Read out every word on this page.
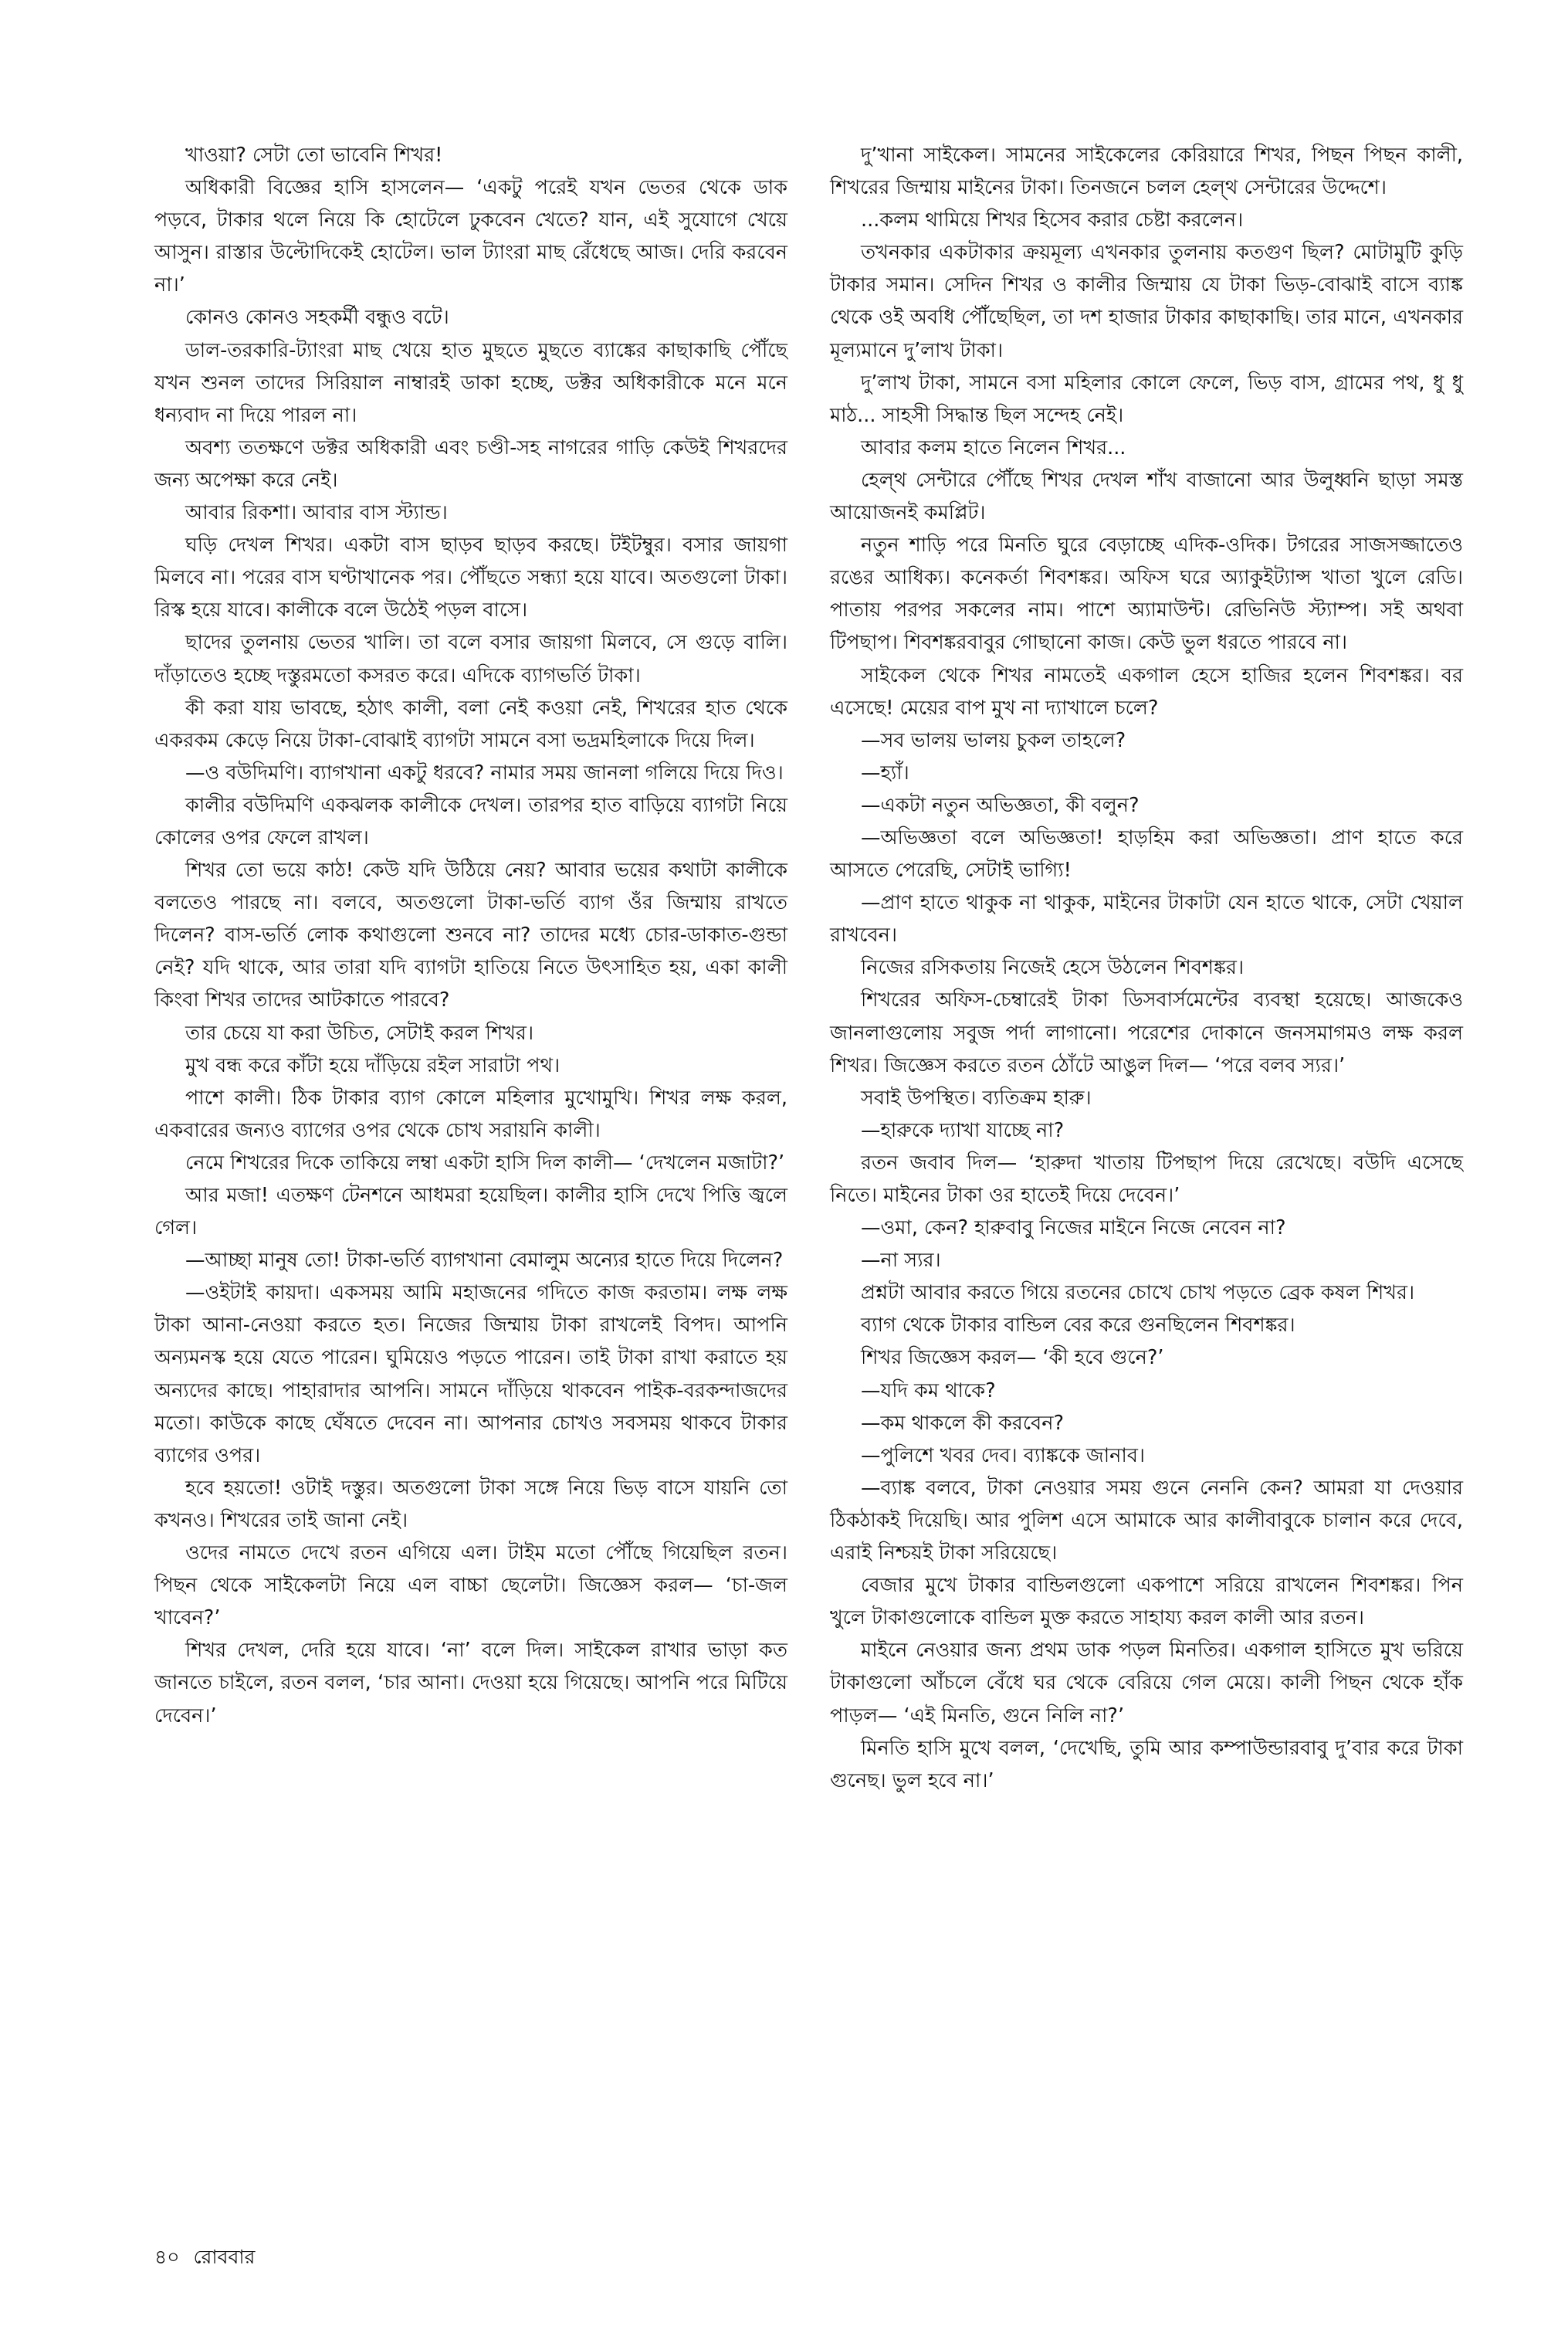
খাওয়া? সেটা তো ভাবেনি শিখর!

অধিকারী বিজ্ঞের হাসি হাসলেন— ‘একটু পরেই যখন ভেতর থেকে ডাক পড়বে, টাকার থলে নিয়ে কি হোটেলে ঢুকবেন খেতে? যান, এই সুযোগে খেয়ে আসুন। রাস্তার উল্টোদিকেই হোটেল। ভাল ট্যাংরা মাছ রেঁধেছে আজ। দেরি করবেন না।’

কোনও কোনও সহকর্মী বন্ধুও বটে।

ডাল-তরকারি-ট্যাংরা মাছ খেয়ে হাত মুছতে মুছতে ব্যাঙ্কের কাছাকাছি পৌঁছে যখন শুনল তাদের সিরিয়াল নাম্বারই ডাকা হচ্ছে, ডক্টর অধিকারীকে মনে মনে ধন্যবাদ না দিয়ে পারল না।

অবশ্য ততক্ষণে ডক্টর অধিকারী এবং চণ্ডী-সহ নাগরের গাড়ি কেউই শিখরদের জন্য অপেক্ষা করে নেই।

আবার রিকশা। আবার বাস স্ট্যান্ড।

ঘড়ি দেখল শিখর। একটা বাস ছাড়ব ছাড়ব করছে। টইটম্বুর। বসার জায়গা মিলবে না। পরের বাস ঘণ্টাখানেক পর। পৌঁছতে সন্ধ্যা হয়ে যাবে। অতগুলো টাকা। রিস্ক হয়ে যাবে। কালীকে বলে উঠেই পড়ল বাসে।

ছাদের তুলনায় ভেতর খালি। তা বলে বসার জায়গা মিলবে, সে গুড়ে বালি। দাঁড়াতেও হচ্ছে দস্তুরমতো কসরত করে। এদিকে ব্যাগভর্তি টাকা।

কী করা যায় ভাবছে, হঠাৎ কালী, বলা নেই কওয়া নেই, শিখরের হাত থেকে একরকম কেড়ে নিয়ে টাকা-বোঝাই ব্যাগটা সামনে বসা ভদ্রমহিলাকে দিয়ে দিল।

—ও বউদিমণি। ব্যাগখানা একটু ধরবে? নামার সময় জানলা গলিয়ে দিয়ে দিও।

কালীর বউদিমণি একঝলক কালীকে দেখল। তারপর হাত বাড়িয়ে ব্যাগটা নিয়ে কোলের ওপর ফেলে রাখল।

শিখর তো ভয়ে কাঠ! কেউ যদি উঠিয়ে নেয়? আবার ভয়ের কথাটা কালীকে বলতেও পারছে না। বলবে, অতগুলো টাকা-ভর্তি ব্যাগ ওঁর জিম্মায় রাখতে দিলেন? বাস-ভর্তি লোক কথাগুলো শুনবে না? তাদের মধ্যে চোর-ডাকাত-গুন্ডা নেই? যদি থাকে, আর তারা যদি ব্যাগটা হাতিয়ে নিতে উৎসাহিত হয়, একা কালী কিংবা শিখর তাদের আটকাতে পারবে?

তার চেয়ে যা করা উচিত, সেটাই করল শিখর।

মুখ বন্ধ করে কাঁটা হয়ে দাঁড়িয়ে রইল সারাটা পথ।

পাশে কালী। ঠিক টাকার ব্যাগ কোলে মহিলার মুখোমুখি। শিখর লক্ষ করল, একবারের জন্যও ব্যাগের ওপর থেকে চোখ সরায়নি কালী।

নেমে শিখরের দিকে তাকিয়ে লম্বা একটা হাসি দিল কালী— ‘দেখলেন মজাটা?’

আর মজা! এতক্ষণ টেনশনে আধমরা হয়েছিল। কালীর হাসি দেখে পিত্তি জ্বলে গেল।

—আচ্ছা মানুষ তো! টাকা-ভর্তি ব্যাগখানা বেমালুম অন্যের হাতে দিয়ে দিলেন?

—ওইটাই কায়দা। একসময় আমি মহাজনের গদিতে কাজ করতাম। লক্ষ লক্ষ টাকা আনা-নেওয়া করতে হত। নিজের জিম্মায় টাকা রাখলেই বিপদ। আপনি অন্যমনস্ক হয়ে যেতে পারেন। ঘুমিয়েও পড়তে পারেন। তাই টাকা রাখা করাতে হয় অন্যদের কাছে। পাহারাদার আপনি। সামনে দাঁড়িয়ে থাকবেন পাইক-বরকন্দাজদের মতো। কাউকে কাছে ঘেঁষতে দেবেন না। আপনার চোখও সবসময় থাকবে টাকার ব্যাগের ওপর।

হবে হয়তো! ওটাই দস্তুর। অতগুলো টাকা সঙ্গে নিয়ে ভিড় বাসে যায়নি তো কখনও। শিখরের তাই জানা নেই।

ওদের নামতে দেখে রতন এগিয়ে এল। টাইম মতো পৌঁছে গিয়েছিল রতন। পিছন থেকে সাইকেলটা নিয়ে এল বাচ্চা ছেলেটা। জিজ্ঞেস করল— ‘চা-জল খাবেন?’

শিখর দেখল, দেরি হয়ে যাবে। ‘না’ বলে দিল। সাইকেল রাখার ভাড়া কত জানতে চাইলে, রতন বলল, ‘চার আনা। দেওয়া হয়ে গিয়েছে। আপনি পরে মিটিয়ে দেবেন।’

দু’খানা সাইকেল। সামনের সাইকেলের কেরিয়ারে শিখর, পিছন পিছন কালী, শিখরের জিম্মায় মাইনের টাকা। তিনজনে চলল হেল্থ সেন্টারের উদ্দেশে।

...কলম থামিয়ে শিখর হিসেব করার চেষ্টা করলেন।

তখনকার একটাকার ক্রয়মূল্য এখনকার তুলনায় কতগুণ ছিল? মোটামুটি কুড়ি টাকার সমান। সেদিন শিখর ও কালীর জিম্মায় যে টাকা ভিড়-বোঝাই বাসে ব্যাঙ্ক থেকে ওই অবধি পৌঁছেছিল, তা দশ হাজার টাকার কাছাকাছি। তার মানে, এখনকার মূল্যমানে দু’লাখ টাকা।

দু’লাখ টাকা, সামনে বসা মহিলার কোলে ফেলে, ভিড় বাস, গ্রামের পথ, ধু ধু মাঠ... সাহসী সিদ্ধান্ত ছিল সন্দেহ নেই।

আবার কলম হাতে নিলেন শিখর...

হেল্থ সেন্টারে পৌঁছে শিখর দেখল শাঁখ বাজানো আর উলুধ্বনি ছাড়া সমস্ত আয়োজনই কমপ্লিট।

নতুন শাড়ি পরে মিনতি ঘুরে বেড়াচ্ছে এদিক-ওদিক। টগরের সাজসজ্জাতেও রঙের আধিক্য। কনেকর্তা শিবশঙ্কর। অফিস ঘরে অ্যাকুইট্যান্স খাতা খুলে রেডি। পাতায় পরপর সকলের নাম। পাশে অ্যামাউন্ট। রেভিনিউ স্ট্যাম্প। সই অথবা টিপছাপ। শিবশঙ্করবাবুর গোছানো কাজ। কেউ ভুল ধরতে পারবে না।

সাইকেল থেকে শিখর নামতেই একগাল হেসে হাজির হলেন শিবশঙ্কর। বর এসেছে! মেয়ের বাপ মুখ না দ্যাখালে চলে?

—সব ভালয় ভালয় চুকল তাহলে?

—হ্যাঁ।

—একটা নতুন অভিজ্ঞতা, কী বলুন?

—অভিজ্ঞতা বলে অভিজ্ঞতা! হাড়হিম করা অভিজ্ঞতা। প্রাণ হাতে করে আসতে পেরেছি, সেটাই ভাগ্যি!

—প্রাণ হাতে থাকুক না থাকুক, মাইনের টাকাটা যেন হাতে থাকে, সেটা খেয়াল রাখবেন।

নিজের রসিকতায় নিজেই হেসে উঠলেন শিবশঙ্কর।

শিখরের অফিস-চেম্বারেই টাকা ডিসবার্সমেন্টের ব্যবস্থা হয়েছে। আজকেও জানলাগুলোয় সবুজ পর্দা লাগানো। পরেশের দোকানে জনসমাগমও লক্ষ করল শিখর। জিজ্ঞেস করতে রতন ঠোঁটে আঙুল দিল— ‘পরে বলব স্যর।’

সবাই উপস্থিত। ব্যতিক্রম হারু।

—হারুকে দ্যাখা যাচ্ছে না?

রতন জবাব দিল— ‘হারুদা খাতায় টিপছাপ দিয়ে রেখেছে। বউদি এসেছে নিতে। মাইনের টাকা ওর হাতেই দিয়ে দেবেন।’

—ওমা, কেন? হারুবাবু নিজের মাইনে নিজে নেবেন না?

—না স্যর।

প্রশ্নটা আবার করতে গিয়ে রতনের চোখে চোখ পড়তে ব্রেক কষল শিখর।

ব্যাগ থেকে টাকার বান্ডিল বের করে গুনছিলেন শিবশঙ্কর।

শিখর জিজ্ঞেস করল— ‘কী হবে গুনে?’

—যদি কম থাকে?

—কম থাকলে কী করবেন?

—পুলিশে খবর দেব। ব্যাঙ্ককে জানাব।

—ব্যাঙ্ক বলবে, টাকা নেওয়ার সময় গুনে নেননি কেন? আমরা যা দেওয়ার ঠিকঠাকই দিয়েছি। আর পুলিশ এসে আমাকে আর কালীবাবুকে চালান করে দেবে, এরাই নিশ্চয়ই টাকা সরিয়েছে।

বেজার মুখে টাকার বান্ডিলগুলো একপাশে সরিয়ে রাখলেন শিবশঙ্কর। পিন খুলে টাকাগুলোকে বান্ডিল মুক্ত করতে সাহায্য করল কালী আর রতন।

মাইনে নেওয়ার জন্য প্রথম ডাক পড়ল মিনতির। একগাল হাসিতে মুখ ভরিয়ে টাকাগুলো আঁচলে বেঁধে ঘর থেকে বেরিয়ে গেল মেয়ে। কালী পিছন থেকে হাঁক পাড়ল— ‘এই মিনতি, গুনে নিলি না?’

মিনতি হাসি মুখে বলল, ‘দেখেছি, তুমি আর কম্পাউন্ডারবাবু দু’বার করে টাকা গুনেছ। ভুল হবে না।’

৪০ রোববার
